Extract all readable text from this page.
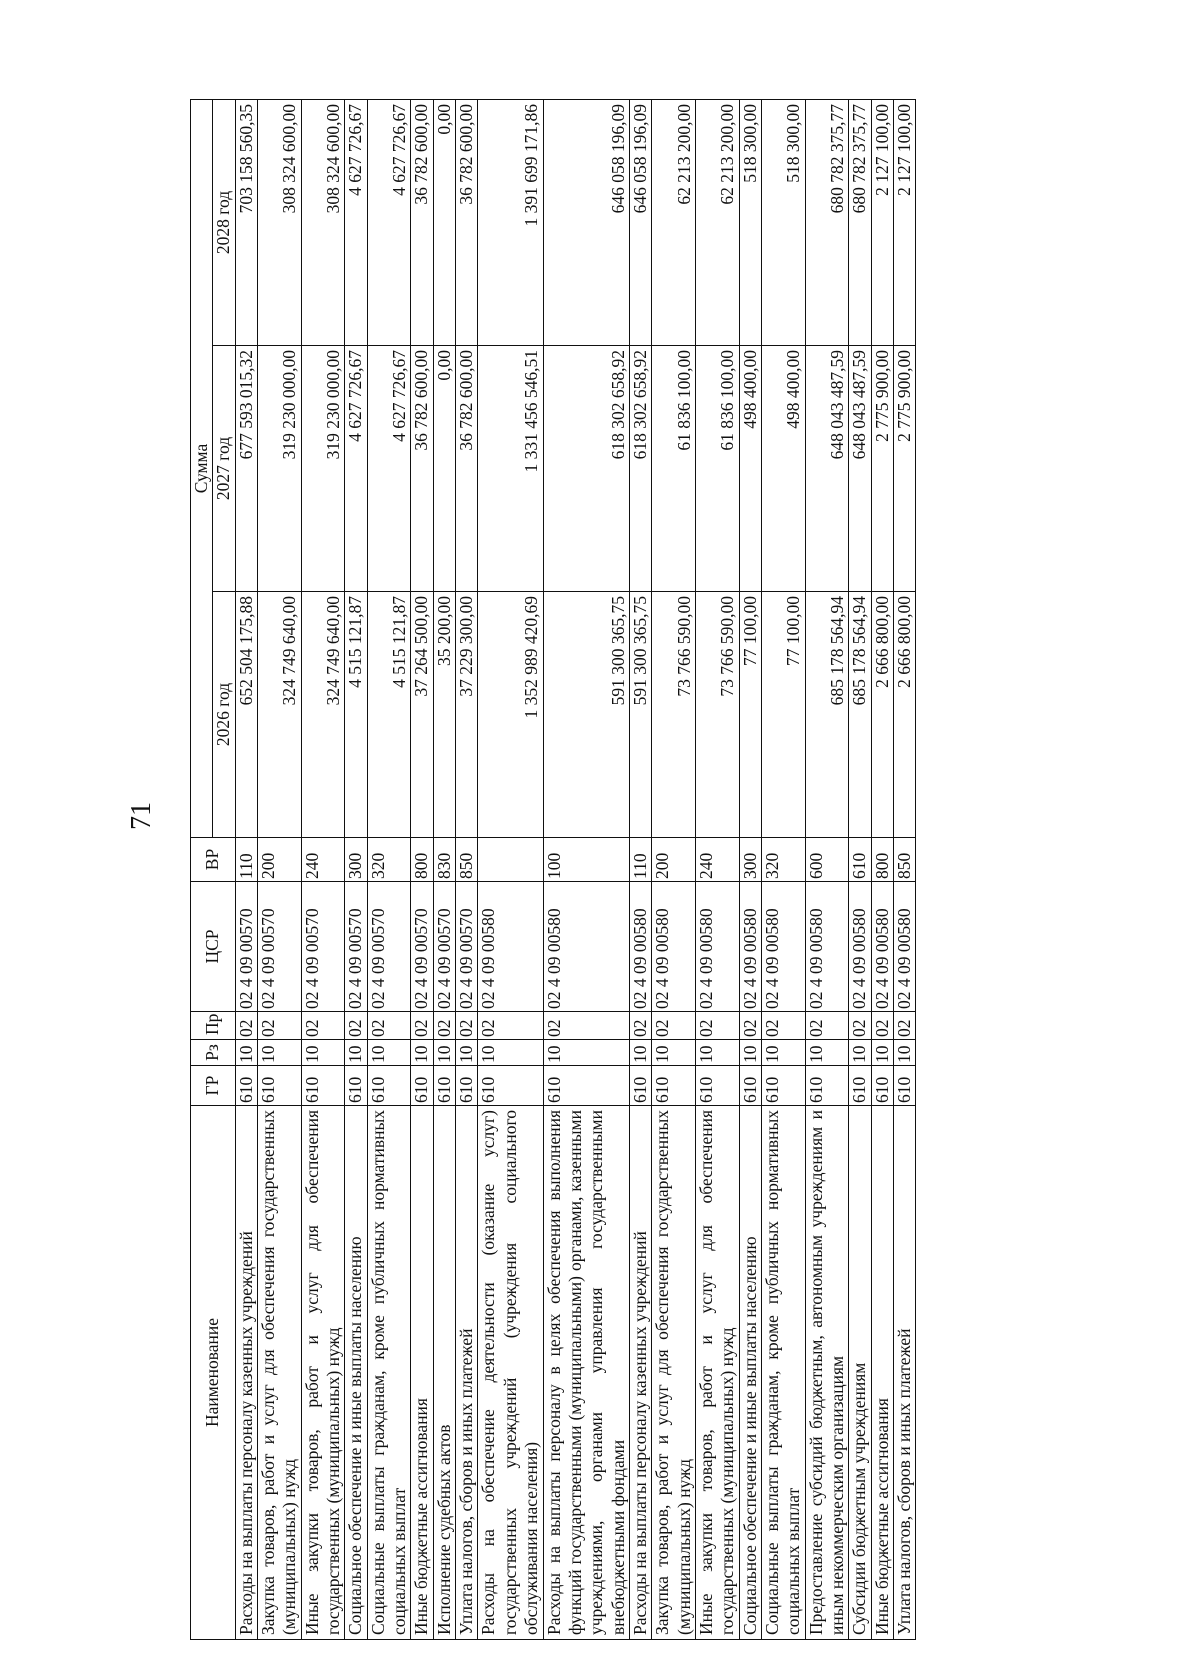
71
Наименование	ГР	Рз	Пр	ЦСР	ВР	Сумма		
						2026 год	2027 год	2028 год
Расходы на выплаты персоналу казенных учреждений	610	10	02	02 4 09 00570	110	652 504 175,88	677 593 015,32	703 158 560,35
Закупка товаров, работ и услуг для обеспечения государственных (муниципальных) нужд	610	10	02	02 4 09 00570	200	324 749 640,00	319 230 000,00	308 324 600,00
Иные закупки товаров, работ и услуг для обеспечения государственных (муниципальных) нужд	610	10	02	02 4 09 00570	240	324 749 640,00	319 230 000,00	308 324 600,00
Социальное обеспечение и иные выплаты населению	610	10	02	02 4 09 00570	300	4 515 121,87	4 627 726,67	4 627 726,67
Социальные выплаты гражданам, кроме публичных нормативных социальных выплат	610	10	02	02 4 09 00570	320	4 515 121,87	4 627 726,67	4 627 726,67
Иные бюджетные ассигнования	610	10	02	02 4 09 00570	800	37 264 500,00	36 782 600,00	36 782 600,00
Исполнение судебных актов	610	10	02	02 4 09 00570	830	35 200,00	0,00	0,00
Уплата налогов, сборов и иных платежей	610	10	02	02 4 09 00570	850	37 229 300,00	36 782 600,00	36 782 600,00
Расходы на обеспечение деятельности (оказание услуг) государственных учреждений (учреждения социального обслуживания населения)	610	10	02	02 4 09 00580		1 352 989 420,69	1 331 456 546,51	1 391 699 171,86
Расходы на выплаты персоналу в целях обеспечения выполнения функций государственными (муниципальными) органами, казенными учреждениями, органами управления государственными внебюджетными фондами	610	10	02	02 4 09 00580	100	591 300 365,75	618 302 658,92	646 058 196,09
Расходы на выплаты персоналу казенных учреждений	610	10	02	02 4 09 00580	110	591 300 365,75	618 302 658,92	646 058 196,09
Закупка товаров, работ и услуг для обеспечения государственных (муниципальных) нужд	610	10	02	02 4 09 00580	200	73 766 590,00	61 836 100,00	62 213 200,00
Иные закупки товаров, работ и услуг для обеспечения государственных (муниципальных) нужд	610	10	02	02 4 09 00580	240	73 766 590,00	61 836 100,00	62 213 200,00
Социальное обеспечение и иные выплаты населению	610	10	02	02 4 09 00580	300	77 100,00	498 400,00	518 300,00
Социальные выплаты гражданам, кроме публичных нормативных социальных выплат	610	10	02	02 4 09 00580	320	77 100,00	498 400,00	518 300,00
Предоставление субсидий бюджетным, автономным учреждениям и иным некоммерческим организациям	610	10	02	02 4 09 00580	600	685 178 564,94	648 043 487,59	680 782 375,77
Субсидии бюджетным учреждениям	610	10	02	02 4 09 00580	610	685 178 564,94	648 043 487,59	680 782 375,77
Иные бюджетные ассигнования	610	10	02	02 4 09 00580	800	2 666 800,00	2 775 900,00	2 127 100,00
Уплата налогов, сборов и иных платежей	610	10	02	02 4 09 00580	850	2 666 800,00	2 775 900,00	2 127 100,00
